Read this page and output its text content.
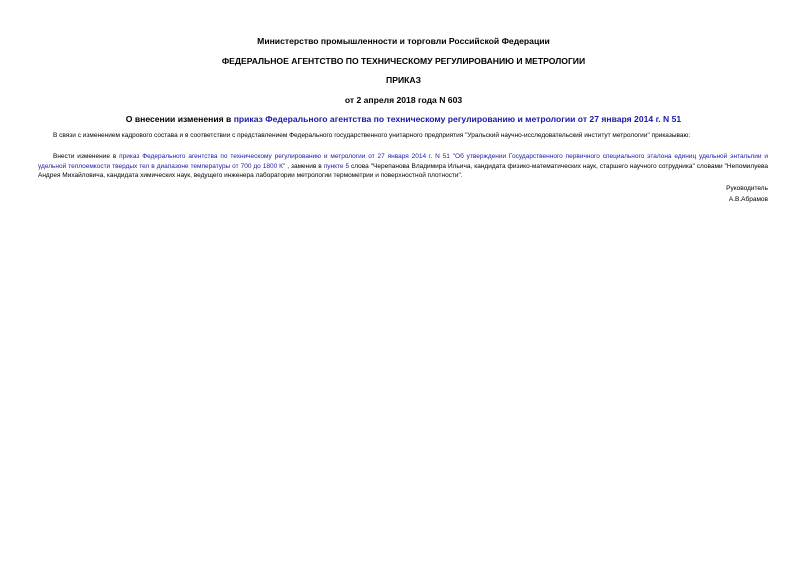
Министерство промышленности и торговли Российской Федерации
ФЕДЕРАЛЬНОЕ АГЕНТСТВО ПО ТЕХНИЧЕСКОМУ РЕГУЛИРОВАНИЮ И МЕТРОЛОГИИ
ПРИКАЗ
от 2 апреля 2018 года N 603
О внесении изменения в приказ Федерального агентства по техническому регулированию и метрологии от 27 января 2014 г. N 51

В связи с изменением кадрового состава и в соответствии с представлением Федерального государственного унитарного предприятия "Уральский научно-исследовательский институт метрологии" приказываю:

Внести изменение в приказ Федерального агентства по техническому регулированию и метрологии от 27 января 2014 г. N 51 "Об утверждении Государственного первичного специального эталона единиц удельной энтальпии и удельной теплоемкости твердых тел в диапазоне температуры от 700 до 1800 К" , заменив в пункте 5 слова "Черепанова Владимира Ильича, кандидата физико-математических наук, старшего научного сотрудника" словами "Непомилуева Андрея Михайловича, кандидата химических наук, ведущего инженера лаборатории метрологии термометрии и поверхностной плотности".

Руководитель
А.В.Абрамов
